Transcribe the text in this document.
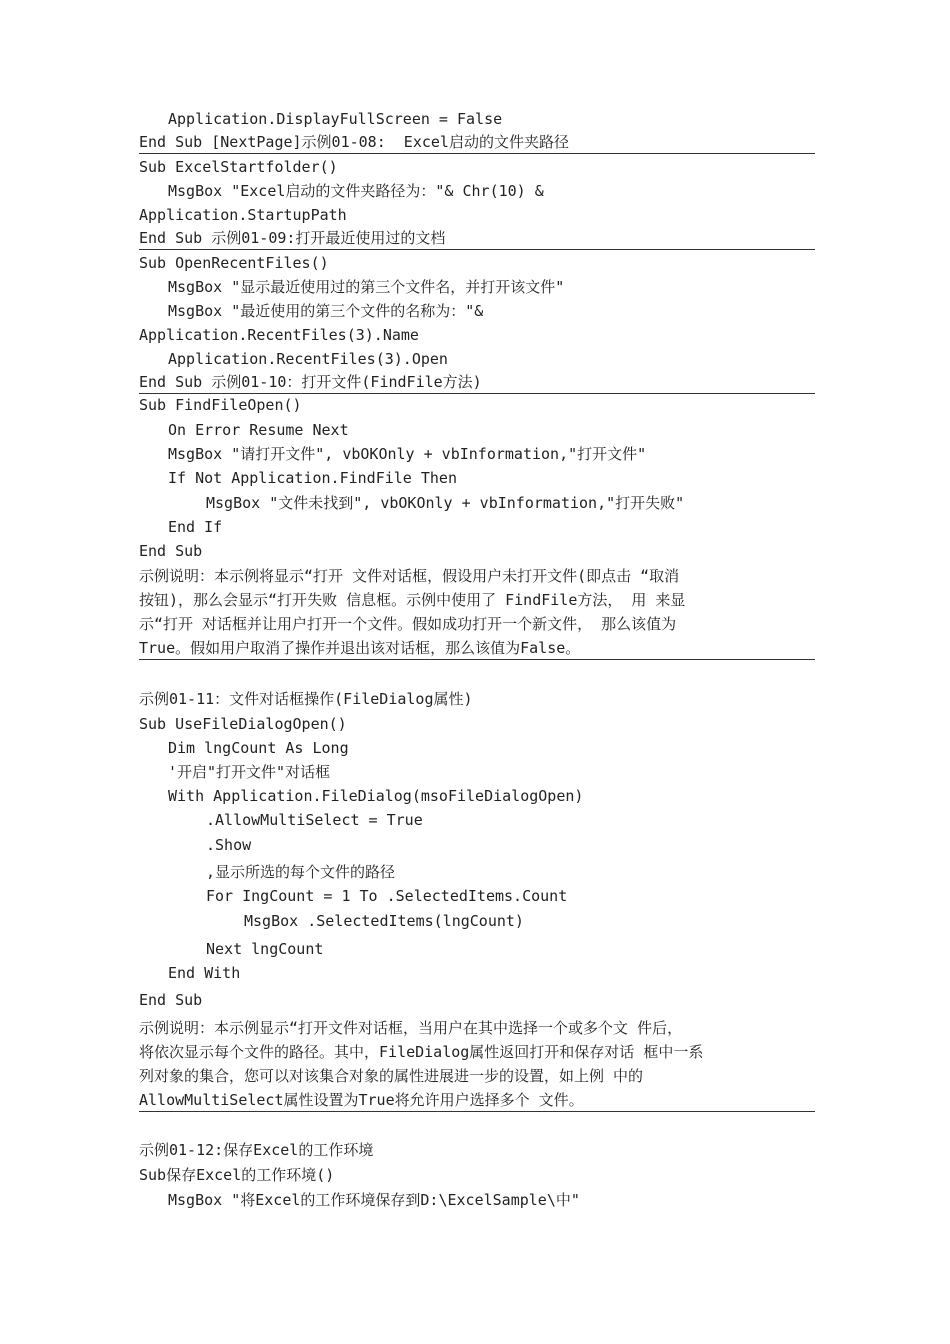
Application.DisplayFullScreen = False
End Sub [NextPage]示例01-08:  Excel启动的文件夹路径
Sub ExcelStartfolder()
MsgBox "Excel启动的文件夹路径为："& Chr(10) &
Application.StartupPath
End Sub 示例01-09:打开最近使用过的文档
Sub OpenRecentFiles()
MsgBox "显示最近使用过的第三个文件名，并打开该文件"
MsgBox "最近使用的第三个文件的名称为："&
Application.RecentFiles(3).Name
Application.RecentFiles(3).Open
End Sub 示例01-10：打开文件(FindFile方法)
Sub FindFileOpen()
On Error Resume Next
MsgBox "请打开文件", vbOKOnly + vbInformation,"打开文件"
If Not Application.FindFile Then
MsgBox "文件未找到", vbOKOnly + vbInformation,"打开失败"
End If
End Sub
示例说明：本示例将显示“打开 文件对话框，假设用户未打开文件(即点击 “取消
按钮)，那么会显示“打开失败 信息框。示例中使用了 FindFile方法， 用 来显
示“打开 对话框并让用户打开一个文件。假如成功打开一个新文件， 那么该值为
True。假如用户取消了操作并退出该对话框，那么该值为False。
示例01-11：文件对话框操作(FileDialog属性)
Sub UseFileDialogOpen()
Dim lngCount As Long
'开启"打开文件"对话框
With Application.FileDialog(msoFileDialogOpen)
.AllowMultiSelect = True
.Show
,显示所选的每个文件的路径
For IngCount = 1 To .SelectedItems.Count
MsgBox .SelectedItems(lngCount)
Next lngCount
End With
End Sub
示例说明：本示例显示“打开文件对话框，当用户在其中选择一个或多个文 件后，
将依次显示每个文件的路径。其中，FileDialog属性返回打开和保存对话 框中一系
列对象的集合，您可以对该集合对象的属性进展进一步的设置，如上例 中的
AllowMultiSelect属性设置为True将允许用户选择多个 文件。
示例01-12:保存Excel的工作环境
Sub保存Excel的工作环境()
MsgBox "将Excel的工作环境保存到D:\ExcelSample\中"
